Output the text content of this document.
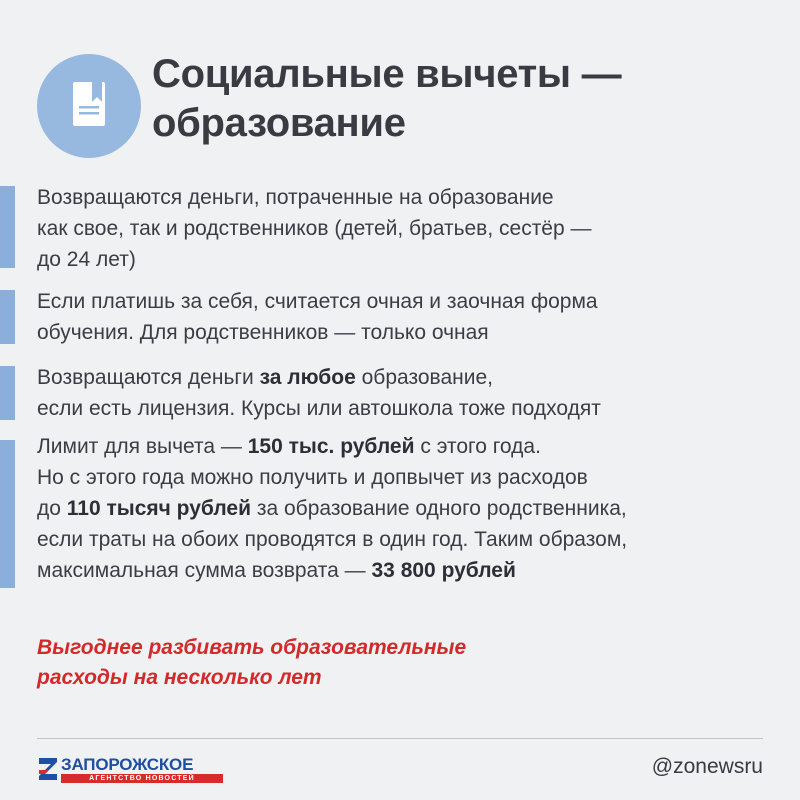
Социальные вычеты —
образование

Возвращаются деньги, потраченные на образование
как свое, так и родственников (детей, братьев, сестёр —
до 24 лет)

Если платишь за себя, считается очная и заочная форма
обучения. Для родственников — только очная

Возвращаются деньги за любое образование,
если есть лицензия. Курсы или автошкола тоже подходят

Лимит для вычета — 150 тыс. рублей с этого года.
Но с этого года можно получить и допвычет из расходов
до 110 тысяч рублей за образование одного родственника,
если траты на обоих проводятся в один год. Таким образом,
максимальная сумма возврата — 33 800 рублей

Выгоднее разбивать образовательные
расходы на несколько лет

ЗАПОРОЖСКОЕ
АГЕНТСТВО НОВОСТЕЙ
@zonewsru
